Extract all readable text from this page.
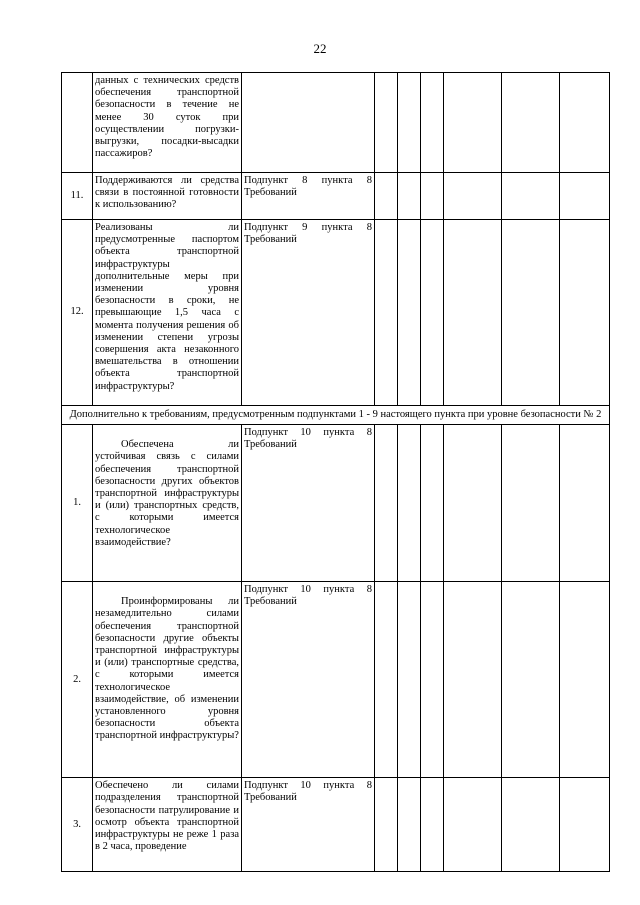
22
	данных с технических средств обеспечения транспортной безопасности в течение не менее 30 суток при осуществлении погрузки-выгрузки, посадки-высадки пассажиров?							
11.	Поддерживаются ли средства связи в постоянной готовности к использованию?	Подпункт 8 пункта 8 Требований						
12.	Реализованы ли предусмотренные паспортом объекта транспортной инфраструктуры дополнительные меры при изменении уровня безопасности в сроки, не превышающие 1,5 часа с момента получения решения об изменении степени угрозы совершения акта незаконного вмешательства в отношении объекта транспортной инфраструктуры?	Подпункт 9 пункта 8 Требований						
Дополнительно к требованиям, предусмотренным подпунктами 1 - 9 настоящего пункта при уровне безопасности № 2								
1.	Обеспечена ли устойчивая связь с силами обеспечения транспортной безопасности других объектов транспортной инфраструктуры и (или) транспортных средств, с которыми имеется технологическое взаимодействие?	Подпункт 10 пункта 8 Требований						
2.	Проинформированы ли незамедлительно силами обеспечения транспортной безопасности другие объекты транспортной инфраструктуры и (или) транспортные средства, с которыми имеется технологическое взаимодействие, об изменении установленного уровня безопасности объекта транспортной инфраструктуры?	Подпункт 10 пункта 8 Требований						
3.	Обеспечено ли силами подразделения транспортной безопасности патрулирование и осмотр объекта транспортной инфраструктуры не реже 1 раза в 2 часа, проведение	Подпункт 10 пункта 8 Требований						
